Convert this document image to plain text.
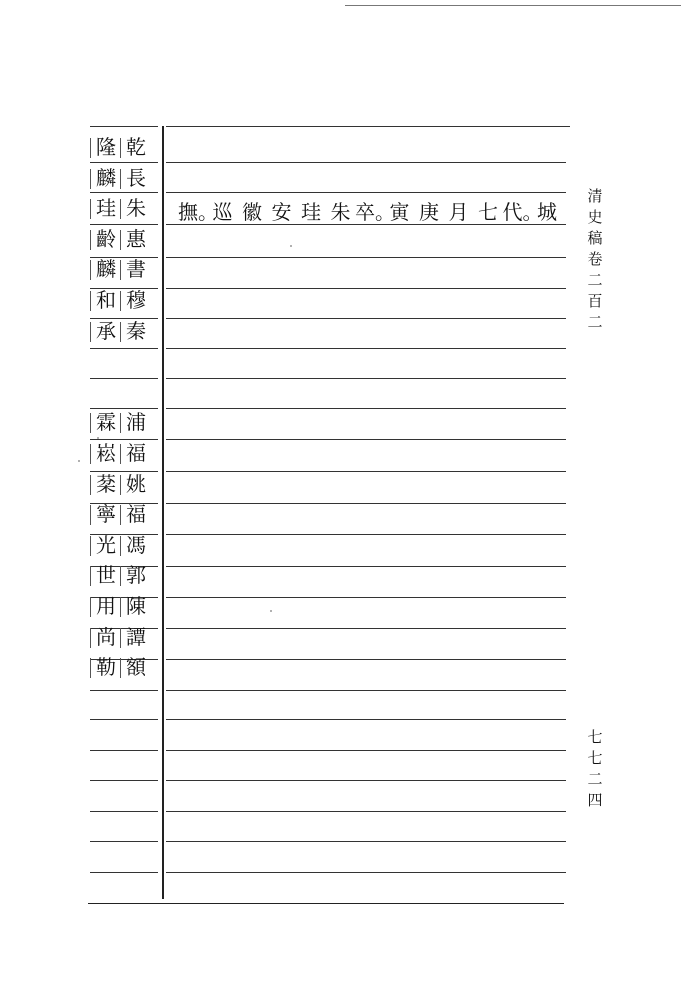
隆 乾
麟 長
珪 朱
齡 惠
麟 書
和 穆
承 秦
霖 浦
崧 福
棻 姚
寧 福
光 馮
世 郭
用 陳
尚 譚
勒 額
撫。
巡 徽 安 珪 朱 卒。
寅 庚 月 七 代。
城
清
史
稿
卷
二
百
二
七
七
二
四
